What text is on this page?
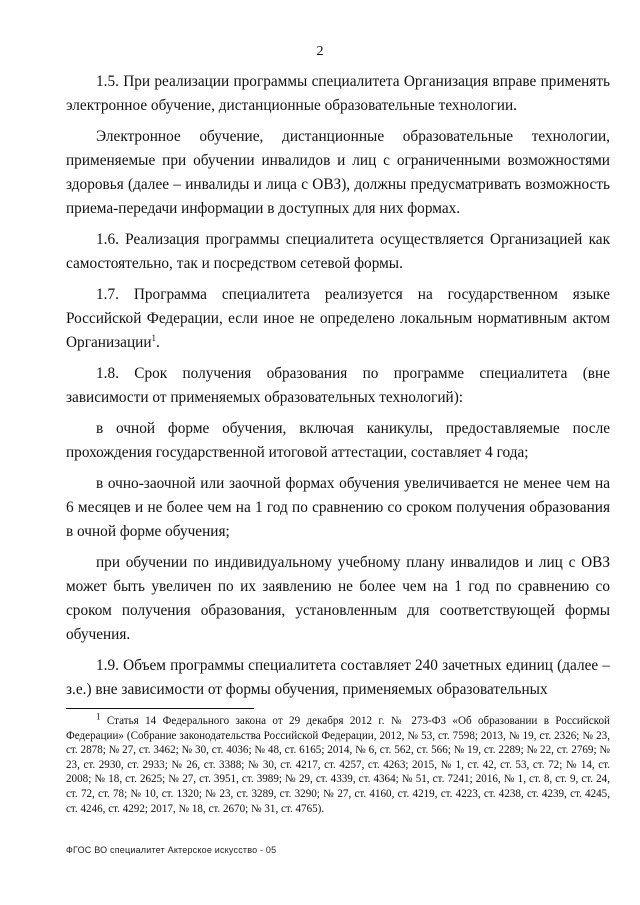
2

1.5. При реализации программы специалитета Организация вправе применять электронное обучение, дистанционные образовательные технологии.

Электронное обучение, дистанционные образовательные технологии, применяемые при обучении инвалидов и лиц с ограниченными возможностями здоровья (далее – инвалиды и лица с ОВЗ), должны предусматривать возможность приема-передачи информации в доступных для них формах.

1.6. Реализация программы специалитета осуществляется Организацией как самостоятельно, так и посредством сетевой формы.

1.7. Программа специалитета реализуется на государственном языке Российской Федерации, если иное не определено локальным нормативным актом Организации$^1$.

1.8. Срок получения образования по программе специалитета (вне зависимости от применяемых образовательных технологий):

в очной форме обучения, включая каникулы, предоставляемые после прохождения государственной итоговой аттестации, составляет 4 года;

в очно-заочной или заочной формах обучения увеличивается не менее чем на 6 месяцев и не более чем на 1 год по сравнению со сроком получения образования в очной форме обучения;

при обучении по индивидуальному учебному плану инвалидов и лиц с ОВЗ может быть увеличен по их заявлению не более чем на 1 год по сравнению со сроком получения образования, установленным для соответствующей формы обучения.

1.9. Объем программы специалитета составляет 240 зачетных единиц (далее – з.е.) вне зависимости от формы обучения, применяемых образовательных

$^1$ Статья 14 Федерального закона от 29 декабря 2012 г. № 273-ФЗ «Об образовании в Российской Федерации» (Собрание законодательства Российской Федерации, 2012, № 53, ст. 7598; 2013, № 19, ст. 2326; № 23, ст. 2878; № 27, ст. 3462; № 30, ст. 4036; № 48, ст. 6165; 2014, № 6, ст. 562, ст. 566; № 19, ст. 2289; № 22, ст. 2769; № 23, ст. 2930, ст. 2933; № 26, ст. 3388; № 30, ст. 4217, ст. 4257, ст. 4263; 2015, № 1, ст. 42, ст. 53, ст. 72; № 14, ст. 2008; № 18, ст. 2625; № 27, ст. 3951, ст. 3989; № 29, ст. 4339, ст. 4364; № 51, ст. 7241; 2016, № 1, ст. 8, ст. 9, ст. 24, ст. 72, ст. 78; № 10, ст. 1320; № 23, ст. 3289, ст. 3290; № 27, ст. 4160, ст. 4219, ст. 4223, ст. 4238, ст. 4239, ст. 4245, ст. 4246, ст. 4292; 2017, № 18, ст. 2670; № 31, ст. 4765).
ФГОС ВО специалитет Актерское искусство - 05
